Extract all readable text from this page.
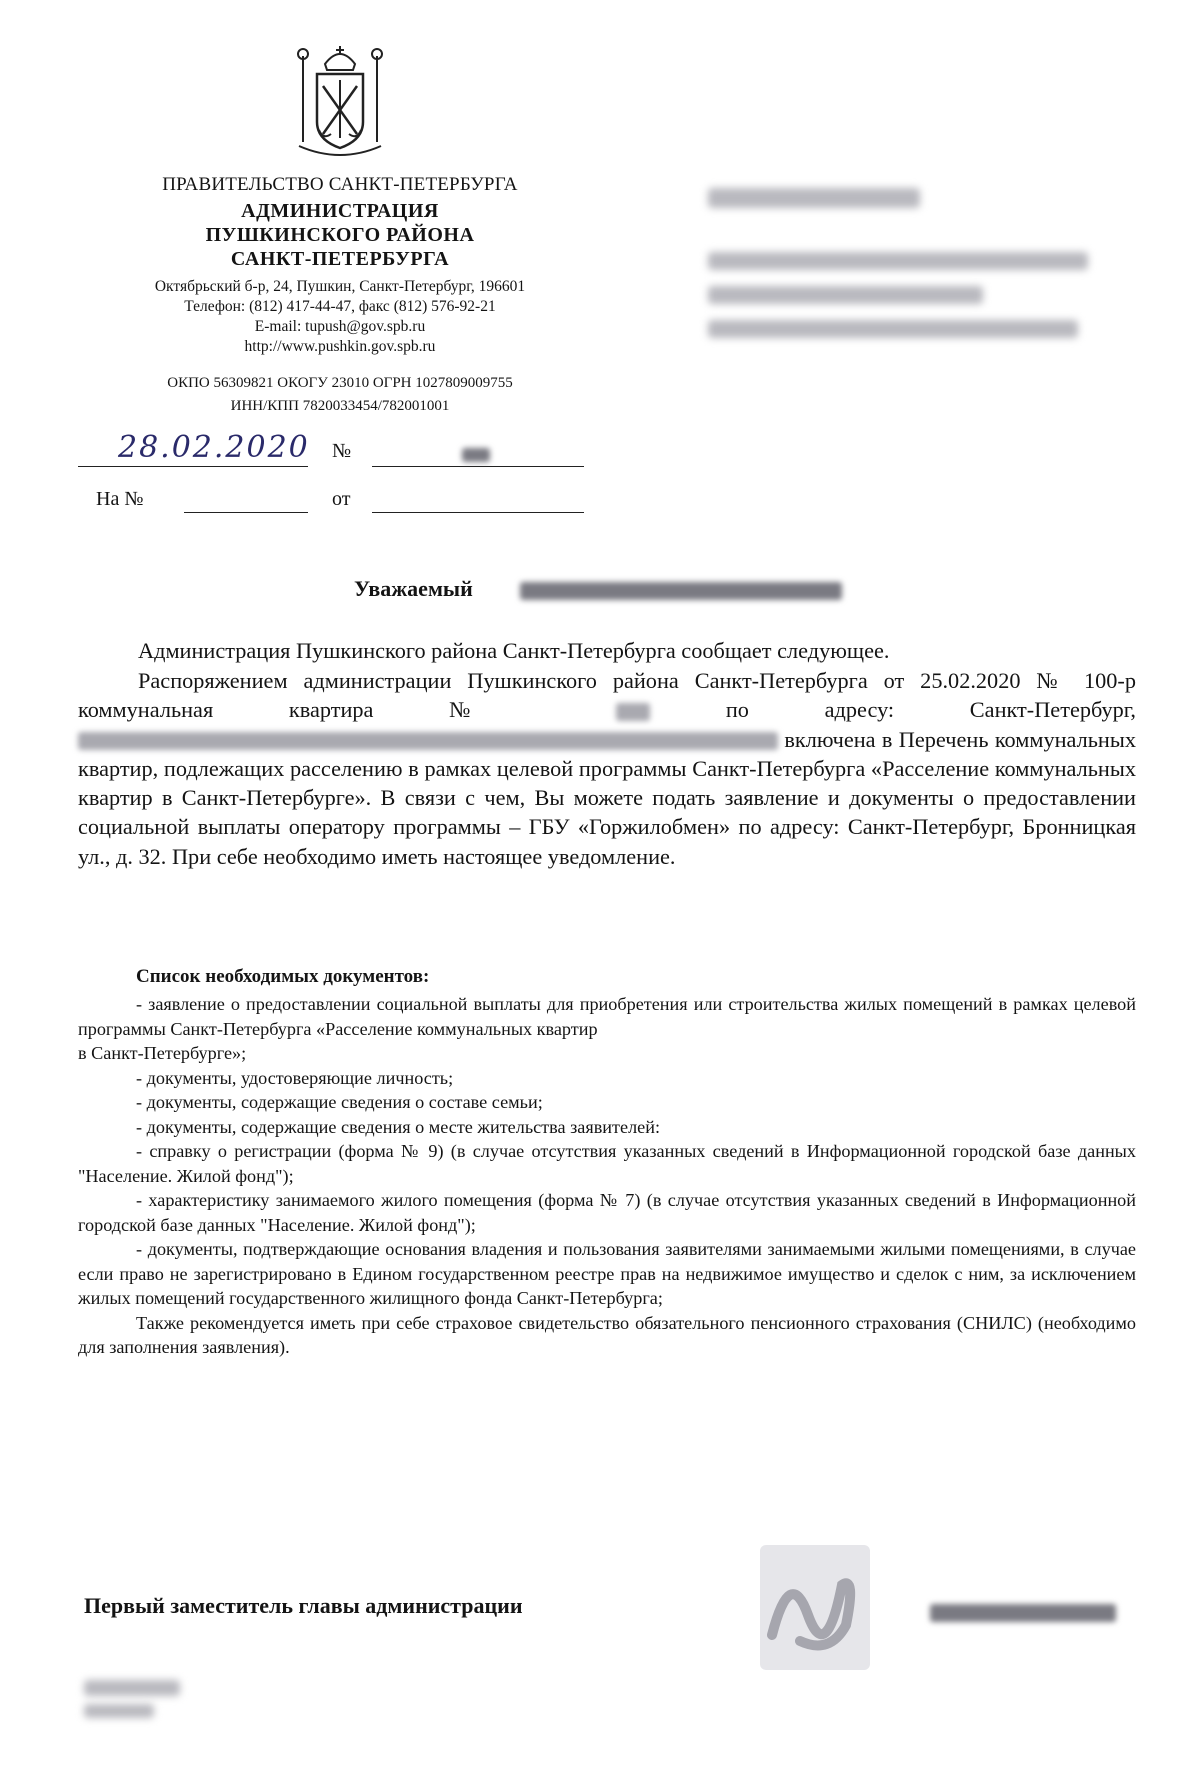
ПРАВИТЕЛЬСТВО САНКТ-ПЕТЕРБУРГА
АДМИНИСТРАЦИЯ
ПУШКИНСКОГО РАЙОНА
САНКТ-ПЕТЕРБУРГА
Октябрьский б-р, 24, Пушкин, Санкт-Петербург, 196601
Телефон: (812) 417-44-47, факс (812) 576-92-21
E-mail: tupush@gov.spb.ru
http://www.pushkin.gov.spb.ru
ОКПО 56309821 ОКОГУ 23010 ОГРН 1027809009755
ИНН/КПП 7820033454/782001001
28.02.2020 №
На №	от
Уважаемый
Администрация Пушкинского района Санкт-Петербурга сообщает следующее.
Распоряжением администрации Пушкинского района Санкт-Петербурга от 25.02.2020 № 100-р коммунальная квартира №	по адресу: Санкт-Петербург,  включена в Перечень коммунальных квартир, подлежащих расселению в рамках целевой программы Санкт-Петербурга «Расселение коммунальных квартир в Санкт-Петербурге». В связи с чем, Вы можете подать заявление и документы о предоставлении социальной выплаты оператору программы – ГБУ «Горжилобмен» по адресу: Санкт-Петербург, Бронницкая ул., д. 32. При себе необходимо иметь настоящее уведомление.
Список необходимых документов:
- заявление о предоставлении социальной выплаты для приобретения или строительства жилых помещений в рамках целевой программы Санкт-Петербурга «Расселение коммунальных квартир
в Санкт-Петербурге»;
- документы, удостоверяющие личность;
- документы, содержащие сведения о составе семьи;
- документы, содержащие сведения о месте жительства заявителей:
- справку о регистрации (форма № 9) (в случае отсутствия указанных сведений в Информационной городской базе данных "Население. Жилой фонд");
- характеристику занимаемого жилого помещения (форма № 7) (в случае отсутствия указанных сведений в Информационной городской базе данных "Население. Жилой фонд");
- документы, подтверждающие основания владения и пользования заявителями занимаемыми жилыми помещениями, в случае если право не зарегистрировано в Едином государственном реестре прав на недвижимое имущество и сделок с ним, за исключением жилых помещений государственного жилищного фонда Санкт-Петербурга;
Также рекомендуется иметь при себе страховое свидетельство обязательного пенсионного страхования (СНИЛС) (необходимо для заполнения заявления).
Первый заместитель главы администрации
